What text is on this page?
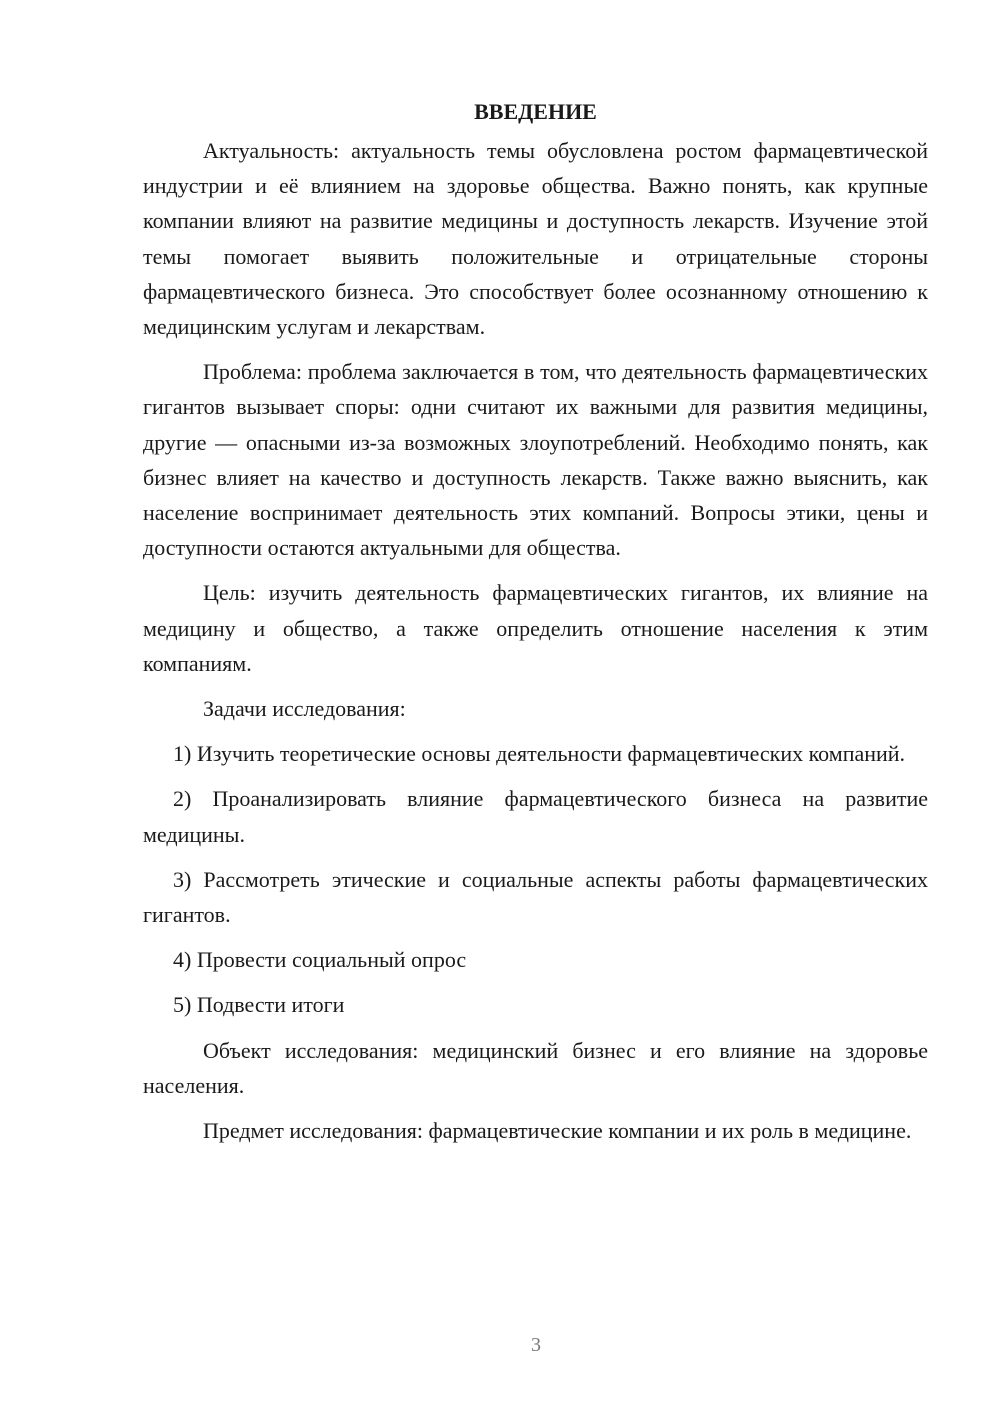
ВВЕДЕНИЕ

Актуальность: актуальность темы обусловлена ростом фармацевтической индустрии и её влиянием на здоровье общества. Важно понять, как крупные компании влияют на развитие медицины и доступность лекарств. Изучение этой темы помогает выявить положительные и отрицательные стороны фармацевтического бизнеса. Это способствует более осознанному отношению к медицинским услугам и лекарствам.

Проблема: проблема заключается в том, что деятельность фармацевтических гигантов вызывает споры: одни считают их важными для развития медицины, другие — опасными из-за возможных злоупотреблений. Необходимо понять, как бизнес влияет на качество и доступность лекарств. Также важно выяснить, как население воспринимает деятельность этих компаний. Вопросы этики, цены и доступности остаются актуальными для общества.

Цель: изучить деятельность фармацевтических гигантов, их влияние на медицину и общество, а также определить отношение населения к этим компаниям.

Задачи исследования:

1) Изучить теоретические основы деятельности фармацевтических компаний.

2) Проанализировать влияние фармацевтического бизнеса на развитие медицины.

3) Рассмотреть этические и социальные аспекты работы фармацевтических гигантов.

4) Провести социальный опрос

5) Подвести итоги

Объект исследования: медицинский бизнес и его влияние на здоровье населения.

Предмет исследования: фармацевтические компании и их роль в медицине.

3
